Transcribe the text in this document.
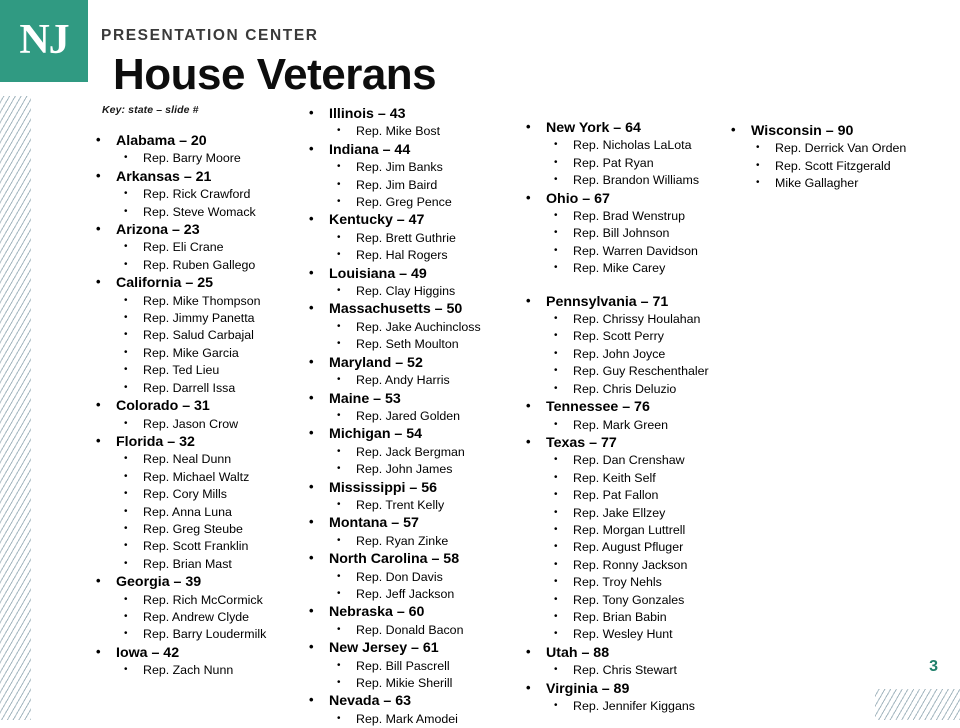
NJ PRESENTATION CENTER
House Veterans
Key: state – slide #
3
• Alabama – 20
• Rep. Barry Moore
• Arkansas – 21
• Rep. Rick Crawford
• Rep. Steve Womack
• Arizona – 23
• Rep. Eli Crane
• Rep. Ruben Gallego
• California – 25
• Rep. Mike Thompson
• Rep. Jimmy Panetta
• Rep. Salud Carbajal
• Rep. Mike Garcia
• Rep. Ted Lieu
• Rep. Darrell Issa
• Colorado – 31
• Rep. Jason Crow
• Florida – 32
• Rep. Neal Dunn
• Rep. Michael Waltz
• Rep. Cory Mills
• Rep. Anna Luna
• Rep. Greg Steube
• Rep. Scott Franklin
• Rep. Brian Mast
• Georgia – 39
• Rep. Rich McCormick
• Rep. Andrew Clyde
• Rep. Barry Loudermilk
• Iowa – 42
• Rep. Zach Nunn
• Illinois – 43
• Rep. Mike Bost
• Indiana – 44
• Rep. Jim Banks
• Rep. Jim Baird
• Rep. Greg Pence
• Kentucky – 47
• Rep. Brett Guthrie
• Rep. Hal Rogers
• Louisiana – 49
• Rep. Clay Higgins
• Massachusetts – 50
• Rep. Jake Auchincloss
• Rep. Seth Moulton
• Maryland – 52
• Rep. Andy Harris
• Maine – 53
• Rep. Jared Golden
• Michigan – 54
• Rep. Jack Bergman
• Rep. John James
• Mississippi – 56
• Rep. Trent Kelly
• Montana – 57
• Rep. Ryan Zinke
• North Carolina – 58
• Rep. Don Davis
• Rep. Jeff Jackson
• Nebraska – 60
• Rep. Donald Bacon
• New Jersey – 61
• Rep. Bill Pascrell
• Rep. Mikie Sherill
• Nevada – 63
• Rep. Mark Amodei
• New York – 64
• Rep. Nicholas LaLota
• Rep. Pat Ryan
• Rep. Brandon Williams
• Ohio – 67
• Rep. Brad Wenstrup
• Rep. Bill Johnson
• Rep. Warren Davidson
• Rep. Mike Carey
• Pennsylvania – 71
• Rep. Chrissy Houlahan
• Rep. Scott Perry
• Rep. John Joyce
• Rep. Guy Reschenthaler
• Rep. Chris Deluzio
• Tennessee – 76
• Rep. Mark Green
• Texas – 77
• Rep. Dan Crenshaw
• Rep. Keith Self
• Rep. Pat Fallon
• Rep. Jake Ellzey
• Rep. Morgan Luttrell
• Rep. August Pfluger
• Rep. Ronny Jackson
• Rep. Troy Nehls
• Rep. Tony Gonzales
• Rep. Brian Babin
• Rep. Wesley Hunt
• Utah – 88
• Rep. Chris Stewart
• Virginia – 89
• Rep. Jennifer Kiggans
• Wisconsin – 90
• Rep. Derrick Van Orden
• Rep. Scott Fitzgerald
• Mike Gallagher
